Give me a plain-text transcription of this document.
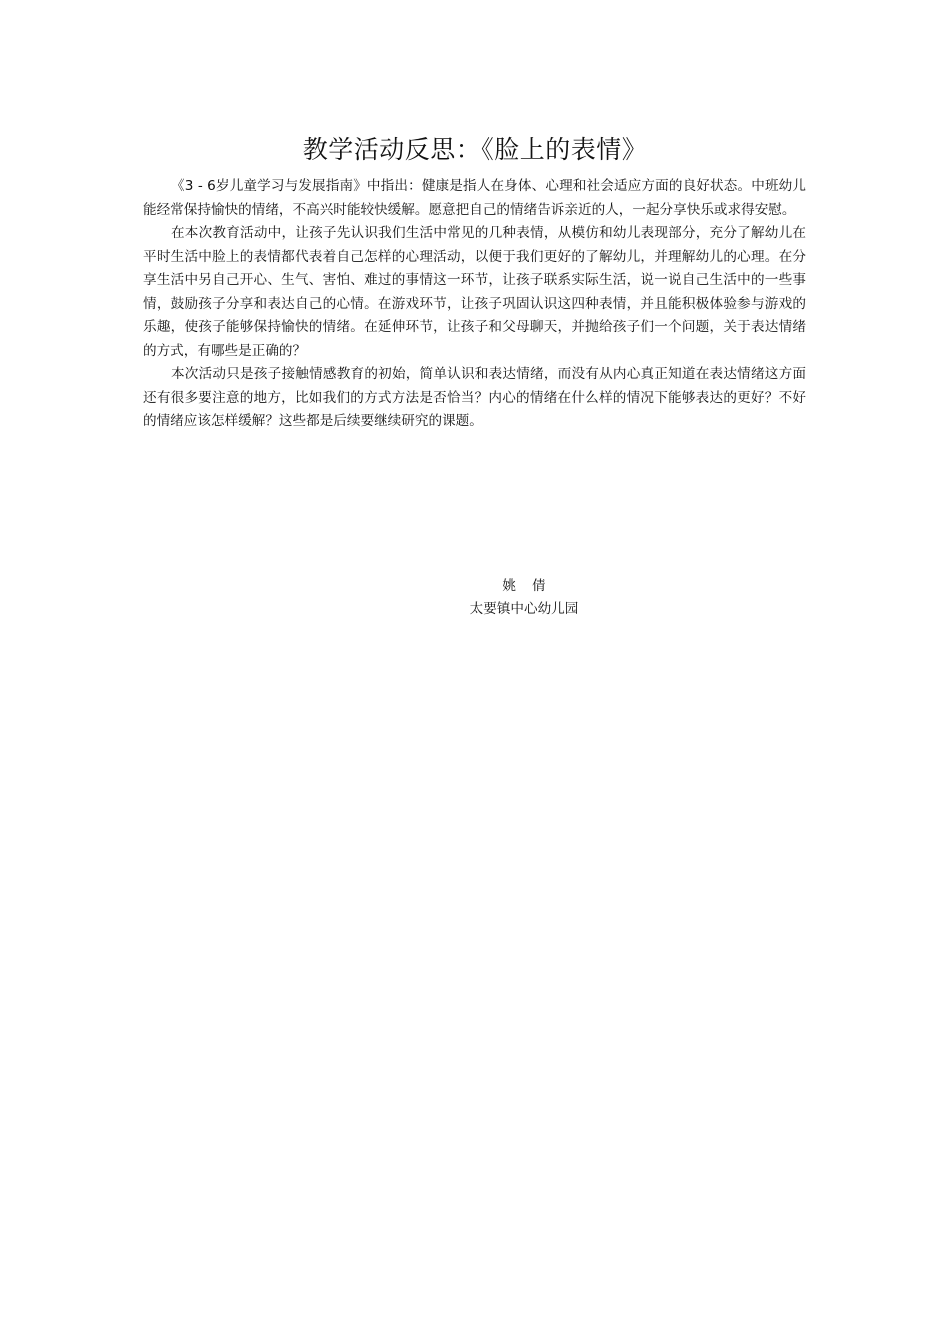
教学活动反思：《脸上的表情》

《3 - 6岁儿童学习与发展指南》中指出：健康是指人在身体、心理和社会适应方面的良好状态。中班幼儿能经常保持愉快的情绪，不高兴时能较快缓解。愿意把自己的情绪告诉亲近的人，一起分享快乐或求得安慰。

在本次教育活动中，让孩子先认识我们生活中常见的几种表情，从模仿和幼儿表现部分，充分了解幼儿在平时生活中脸上的表情都代表着自己怎样的心理活动，以便于我们更好的了解幼儿，并理解幼儿的心理。在分享生活中另自己开心、生气、害怕、难过的事情这一环节，让孩子联系实际生活，说一说自己生活中的一些事情，鼓励孩子分享和表达自己的心情。在游戏环节，让孩子巩固认识这四种表情，并且能积极体验参与游戏的乐趣，使孩子能够保持愉快的情绪。在延伸环节，让孩子和父母聊天，并抛给孩子们一个问题，关于表达情绪的方式，有哪些是正确的？

本次活动只是孩子接触情感教育的初始，简单认识和表达情绪，而没有从内心真正知道在表达情绪这方面还有很多要注意的地方，比如我们的方式方法是否恰当？内心的情绪在什么样的情况下能够表达的更好？不好的情绪应该怎样缓解？这些都是后续要继续研究的课题。

姚倩
太要镇中心幼儿园
